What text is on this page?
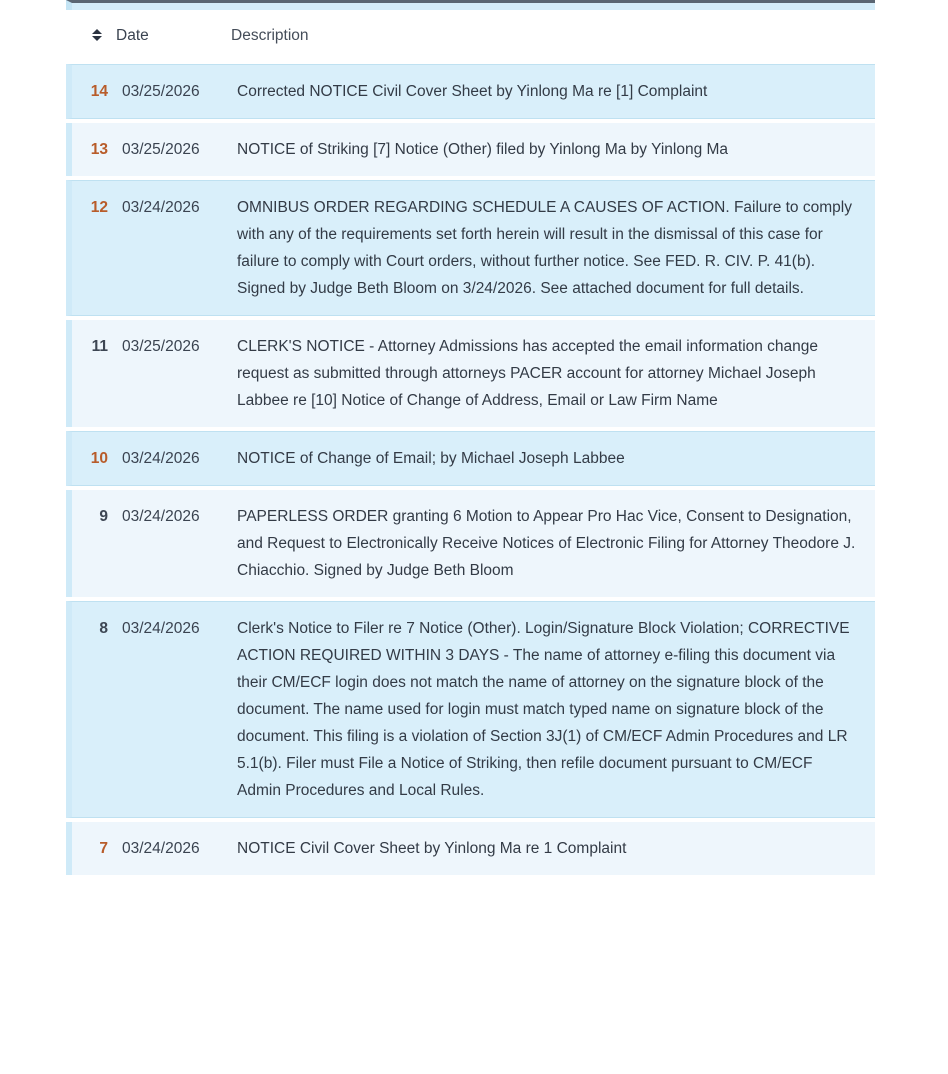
Date	Description
14 03/25/2026	Corrected NOTICE Civil Cover Sheet by Yinlong Ma re [1] Complaint
13 03/25/2026	NOTICE of Striking [7] Notice (Other) filed by Yinlong Ma by Yinlong Ma
12 03/24/2026	OMNIBUS ORDER REGARDING SCHEDULE A CAUSES OF ACTION. Failure to comply with any of the requirements set forth herein will result in the dismissal of this case for failure to comply with Court orders, without further notice. See FED. R. CIV. P. 41(b). Signed by Judge Beth Bloom on 3/24/2026. See attached document for full details.
11 03/25/2026	CLERK'S NOTICE - Attorney Admissions has accepted the email information change request as submitted through attorneys PACER account for attorney Michael Joseph Labbee re [10] Notice of Change of Address, Email or Law Firm Name
10 03/24/2026	NOTICE of Change of Email; by Michael Joseph Labbee
9 03/24/2026	PAPERLESS ORDER granting 6 Motion to Appear Pro Hac Vice, Consent to Designation, and Request to Electronically Receive Notices of Electronic Filing for Attorney Theodore J. Chiacchio. Signed by Judge Beth Bloom
8 03/24/2026	Clerk's Notice to Filer re 7 Notice (Other). Login/Signature Block Violation; CORRECTIVE ACTION REQUIRED WITHIN 3 DAYS - The name of attorney e-filing this document via their CM/ECF login does not match the name of attorney on the signature block of the document. The name used for login must match typed name on signature block of the document. This filing is a violation of Section 3J(1) of CM/ECF Admin Procedures and LR 5.1(b). Filer must File a Notice of Striking, then refile document pursuant to CM/ECF Admin Procedures and Local Rules.
7 03/24/2026	NOTICE Civil Cover Sheet by Yinlong Ma re 1 Complaint
